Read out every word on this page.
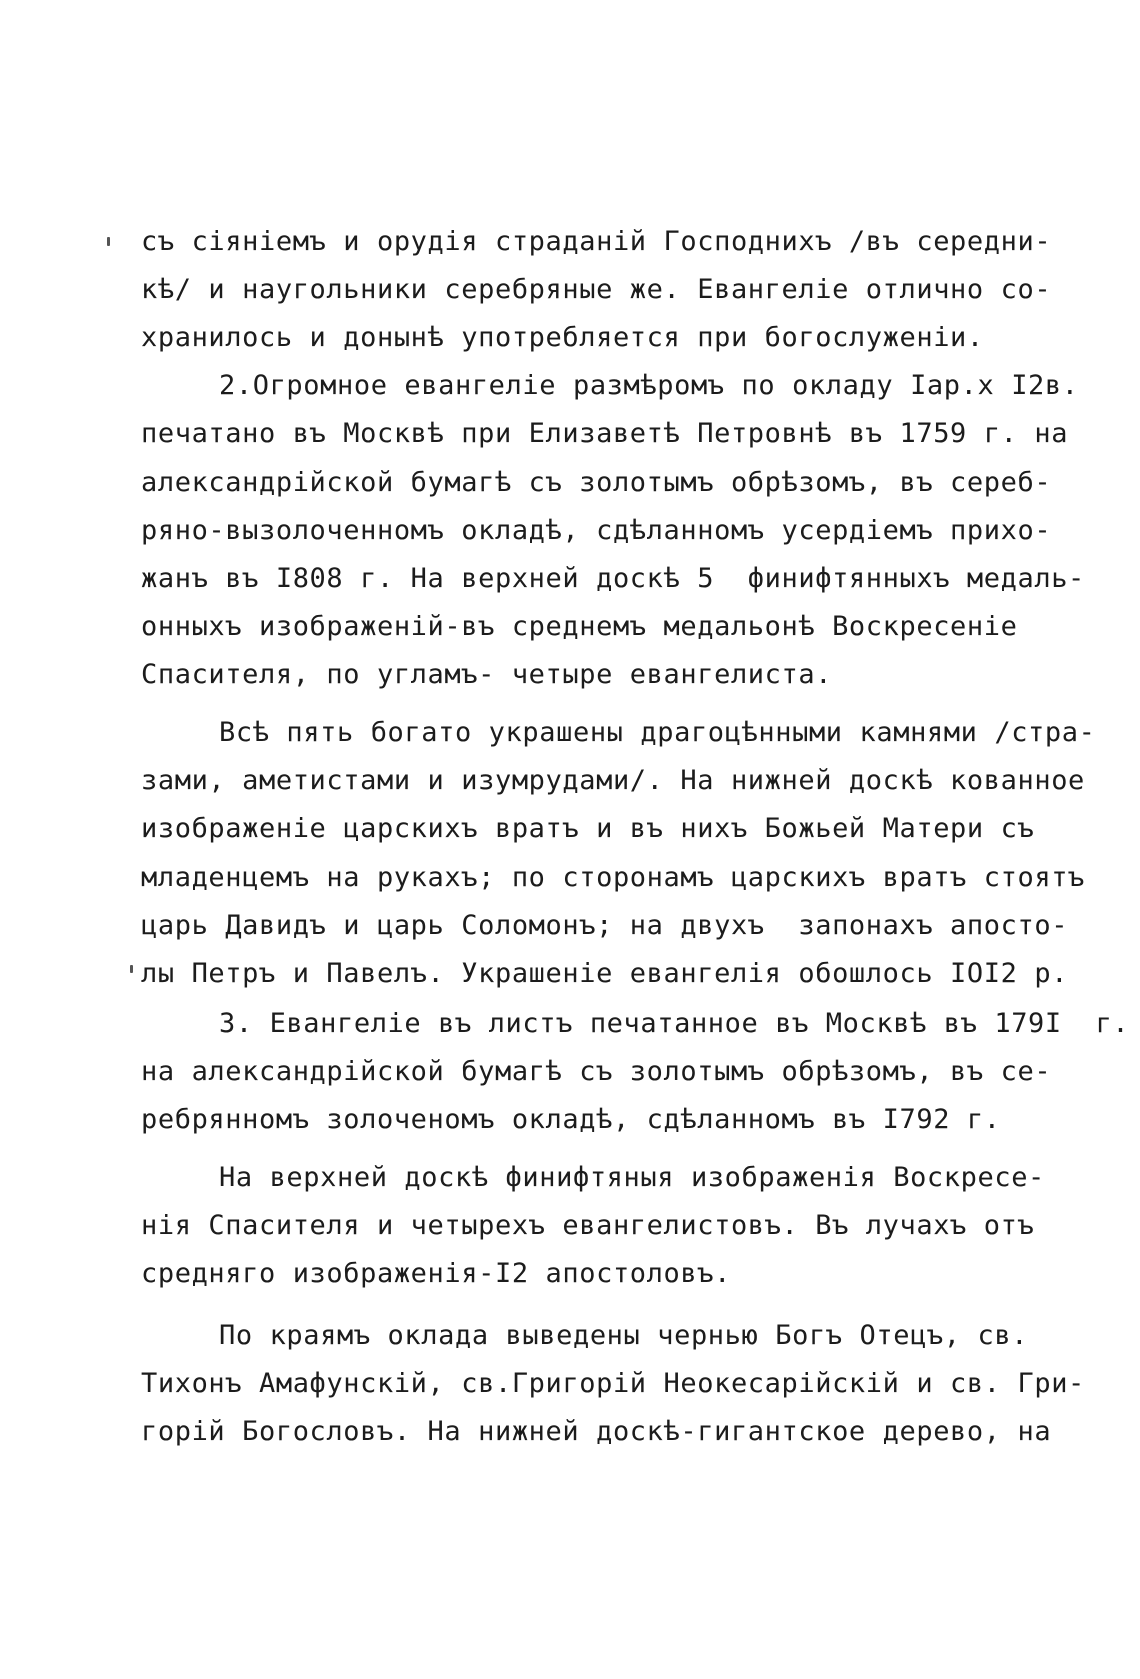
съ сіяніемъ и орудія страданій Господнихъ /въ середни-

кѣ/ и наугольники серебряные же. Евангеліе отлично со-

хранилось и донынѣ употребляется при богослуженіи.

2.Огромное евангеліе размѣромъ по окладу Iар.х I2в.

печатано въ Москвѣ при Елизаветѣ Петровнѣ въ 1759 г. на

александрійской бумагѣ съ золотымъ обрѣзомъ, въ сереб-

ряно-вызолоченномъ окладѣ, сдѣланномъ усердіемъ прихо-

жанъ въ I808 г. На верхней доскѣ 5  финифтянныхъ медаль-

онныхъ изображеній-въ среднемъ медальонѣ Воскресеніе

Спасителя, по угламъ- четыре евангелиста.

Всѣ пять богато украшены драгоцѣнными камнями /стра-

зами, аметистами и изумрудами/. На нижней доскѣ кованное

изображеніе царскихъ вратъ и въ нихъ Божьей Матери съ

младенцемъ на рукахъ; по сторонамъ царскихъ вратъ стоятъ

царь Давидъ и царь Соломонъ; на двухъ  запонахъ апосто-

лы Петръ и Павелъ. Украшеніе евангелія обошлось IOI2 р.

3. Евангеліе въ листъ печатанное въ Москвѣ въ 179I  г.

на александрійской бумагѣ съ золотымъ обрѣзомъ, въ се-

ребрянномъ золоченомъ окладѣ, сдѣланномъ въ I792 г.

На верхней доскѣ финифтяныя изображенія Воскресе-

нія Спасителя и четырехъ евангелистовъ. Въ лучахъ отъ

средняго изображенія-I2 апостоловъ.

По краямъ оклада выведены чернью Богъ Отецъ, св.

Тихонъ Амафунскій, св.Григорій Неокесарійскій и св. Гри-

горій Богословъ. На нижней доскѣ-гигантское дерево, на
